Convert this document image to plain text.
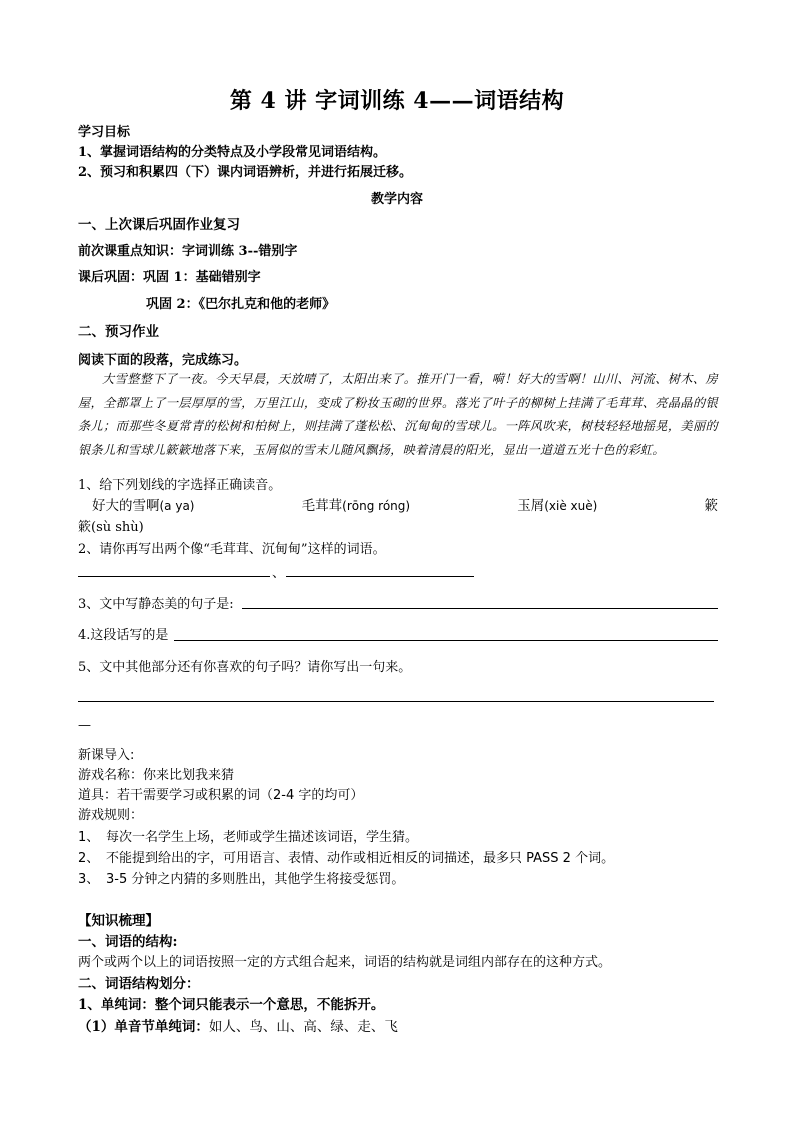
第 4 讲 字词训练 4——词语结构
学习目标
1、掌握词语结构的分类特点及小学段常见词语结构。
2、预习和积累四（下）课内词语辨析，并进行拓展迁移。
教学内容
一、上次课后巩固作业复习
前次课重点知识：字词训练 3--错别字
课后巩固：巩固 1：基础错别字
巩固 2：《巴尔扎克和他的老师》
二、预习作业
阅读下面的段落，完成练习。
大雪整整下了一夜。今天早晨，天放晴了，太阳出来了。推开门一看，嗬！好大的雪啊！山川、河流、树木、房屋，全都罩上了一层厚厚的雪，万里江山，变成了粉妆玉砌的世界。落光了叶子的柳树上挂满了毛茸茸、亮晶晶的银条儿；而那些冬夏常青的松树和柏树上，则挂满了蓬松松、沉甸甸的雪球儿。一阵风吹来，树枝轻轻地摇晃，美丽的银条儿和雪球儿簌簌地落下来，玉屑似的雪末儿随风飘扬，映着清晨的阳光，显出一道道五光十色的彩虹。
1、给下列划线的字选择正确读音。
好大的雪啊(a ya)	毛茸茸(rōng róng)	玉屑(xiè xuè)	簌
簌(sù shù)
2、请你再写出两个像“毛茸茸、沉甸甸”这样的词语。
、
3、文中写静态美的句子是:
4.这段话写的是
5、文中其他部分还有你喜欢的句子吗？请你写出一句来。
—
新课导入:
游戏名称：你来比划我来猜
道具：若干需要学习或积累的词（2-4 字的均可）
游戏规则：
1、 每次一名学生上场，老师或学生描述该词语，学生猜。
2、 不能提到给出的字，可用语言、表情、动作或相近相反的词描述，最多只 PASS 2 个词。
3、 3-5 分钟之内猜的多则胜出，其他学生将接受惩罚。
【知识梳理】
一、词语的结构:
两个或两个以上的词语按照一定的方式组合起来，词语的结构就是词组内部存在的这种方式。
二、词语结构划分：
1、单纯词：整个词只能表示一个意思，不能拆开。
（1）单音节单纯词：如人、鸟、山、高、绿、走、飞
